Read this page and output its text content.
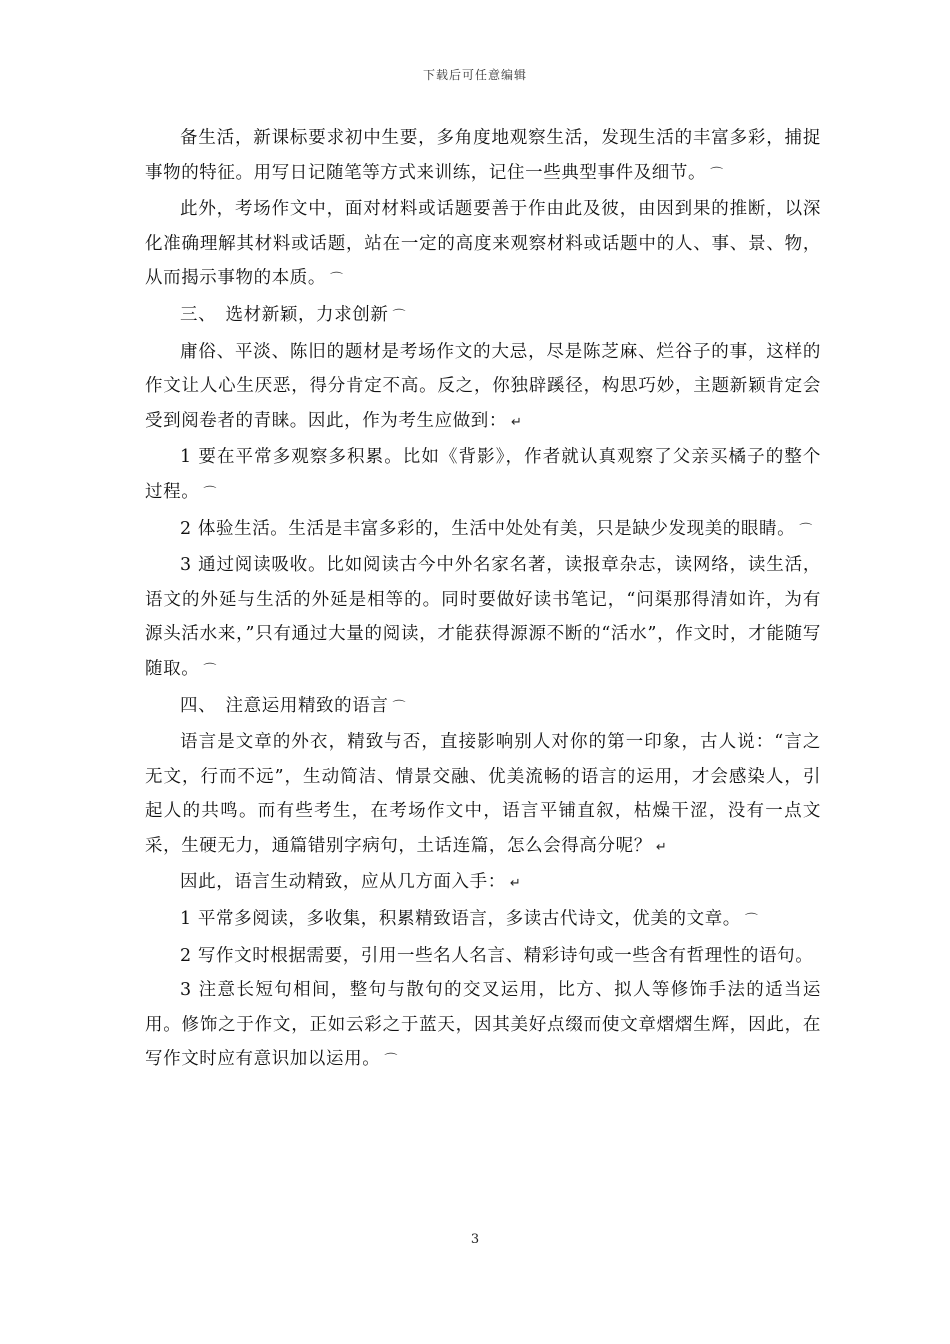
下载后可任意编辑

备生活，新课标要求初中生要，多角度地观察生活，发现生活的丰富多彩，捕捉事物的特征。用写日记随笔等方式来训练，记住一些典型事件及细节。 ⌒

此外，考场作文中，面对材料或话题要善于作由此及彼，由因到果的推断，以深化准确理解其材料或话题，站在一定的高度来观察材料或话题中的人、事、景、物，从而揭示事物的本质。 ⌒

三、　选材新颖，力求创新 ⌒

庸俗、平淡、陈旧的题材是考场作文的大忌，尽是陈芝麻、烂谷子的事，这样的作文让人心生厌恶，得分肯定不高。反之，你独辟蹊径，构思巧妙，主题新颖肯定会受到阅卷者的青睐。因此，作为考生应做到： ↵

1 要在平常多观察多积累。比如《背影》，作者就认真观察了父亲买橘子的整个过程。 ⌒

2 体验生活。生活是丰富多彩的，生活中处处有美，只是缺少发现美的眼睛。 ⌒

3 通过阅读吸收。比如阅读古今中外名家名著，读报章杂志，读网络，读生活，语文的外延与生活的外延是相等的。同时要做好读书笔记，“问渠那得清如许，为有源头活水来，”只有通过大量的阅读，才能获得源源不断的“活水”，作文时，才能随写随取。 ⌒

四、　注意运用精致的语言 ⌒

语言是文章的外衣，精致与否，直接影响别人对你的第一印象，古人说：“言之无文，行而不远”，生动简洁、情景交融、优美流畅的语言的运用，才会感染人，引起人的共鸣。而有些考生，在考场作文中，语言平铺直叙，枯燥干涩，没有一点文采，生硬无力，通篇错别字病句，土话连篇，怎么会得高分呢？ ↵

因此，语言生动精致，应从几方面入手： ↵

1 平常多阅读，多收集，积累精致语言，多读古代诗文，优美的文章。 ⌒

2 写作文时根据需要，引用一些名人名言、精彩诗句或一些含有哲理性的语句。

3 注意长短句相间，整句与散句的交叉运用，比方、拟人等修饰手法的适当运用。修饰之于作文，正如云彩之于蓝天，因其美好点缀而使文章熠熠生辉，因此，在写作文时应有意识加以运用。 ⌒

3
